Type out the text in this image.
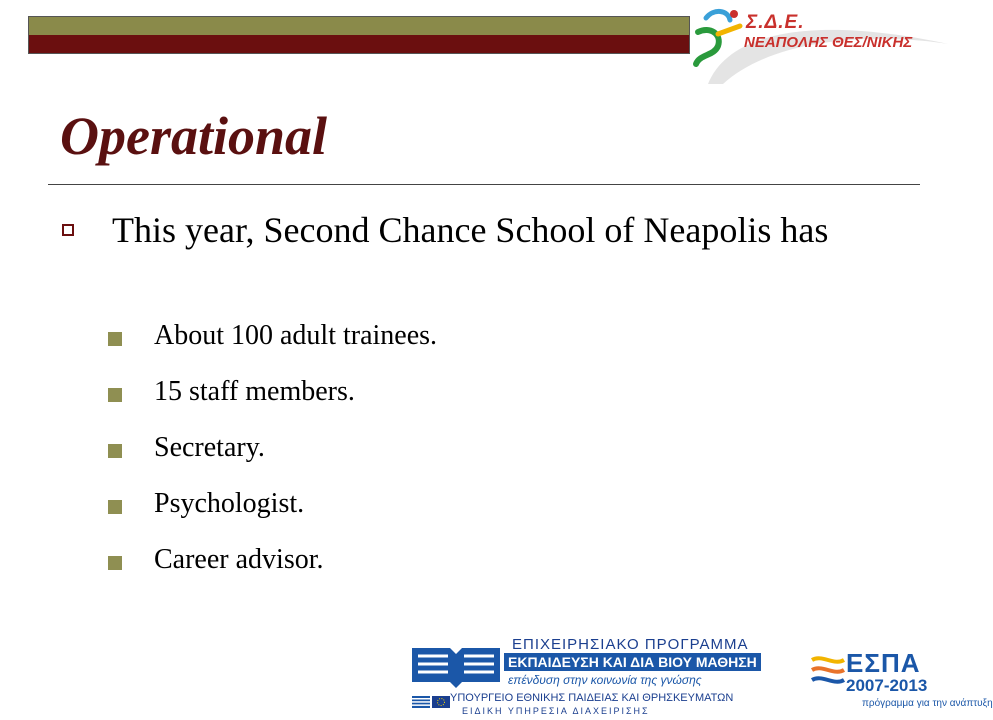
Σ.Δ.Ε.
ΝΕΑΠΟΛΗΣ ΘΕΣ/ΝΙΚΗΣ
Operational
This year, Second Chance School of Neapolis has
About 100 adult trainees.
15 staff members.
Secretary.
Psychologist.
Career advisor.
ΕΠΙΧΕΙΡΗΣΙΑΚΟ ΠΡΟΓΡΑΜΜΑ
ΕΚΠΑΙΔΕΥΣΗ ΚΑΙ ΔΙΑ ΒΙΟΥ ΜΑΘΗΣΗ
επένδυση στην κοινωνία της γνώσης
ΥΠΟΥΡΓΕΙΟ ΕΘΝΙΚΗΣ ΠΑΙΔΕΙΑΣ ΚΑΙ ΘΡΗΣΚΕΥΜΑΤΩΝ
ΕΙΔΙΚΗ ΥΠΗΡΕΣΙΑ ΔΙΑΧΕΙΡΙΣΗΣ
ΕΣΠΑ
2007-2013
πρόγραμμα για την ανάπτυξη
